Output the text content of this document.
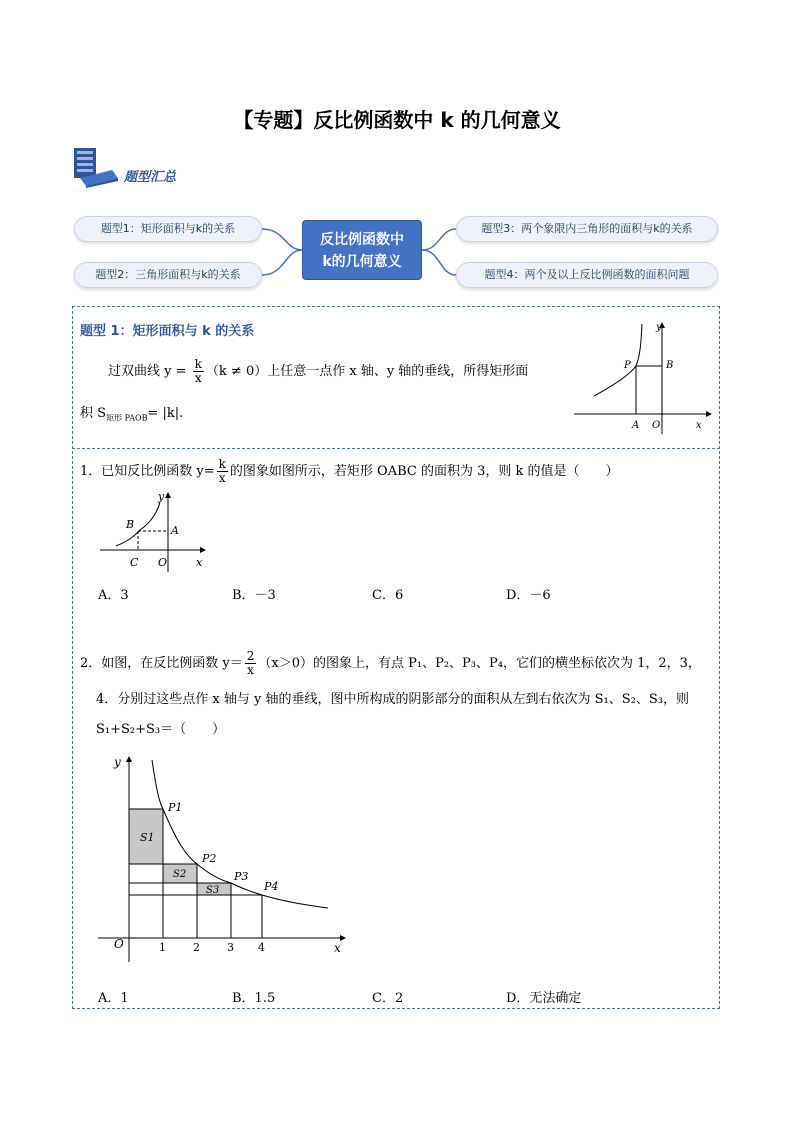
【专题】反比例函数中 k 的几何意义
题型汇总
题型1：矩形面积与k的关系
题型2：三角形面积与k的关系
题型3：两个象限内三角形的面积与k的关系
题型4：两个及以上反比例函数的面积问题
反比例函数中
k的几何意义
题型 1：矩形面积与 k 的关系
过双曲线 $y = \frac{k}{x} (k \ne 0)$上任意一点作 x 轴、y 轴的垂线，所得矩形面
积 $S_{矩形 PAOB}= |k|$.
y
x
P	B
A O
1．已知反比例函数 $y= \frac{k}{x}$ 的图象如图所示，若矩形 OABC 的面积为 3，则 k 的值是（　　）
y
x
B	A
C O
A．3	B．－3	C．6	D．－6
2．如图，在反比例函数 $y= \frac{2}{x} (x>0)$的图象上，有点 P₁、P₂、P₃、P₄，它们的横坐标依次为 1，2，3，
4．分别过这些点作 x 轴与 y 轴的垂线，图中所构成的阴影部分的面积从左到右依次为 S₁、S₂、S₃，则
S₁+S₂+S₃＝（　　）
y
x
O	1 2 3 4
P1
P2
P3
P4
S1
S2
S3
A．1	B．1.5	C．2	D．无法确定
